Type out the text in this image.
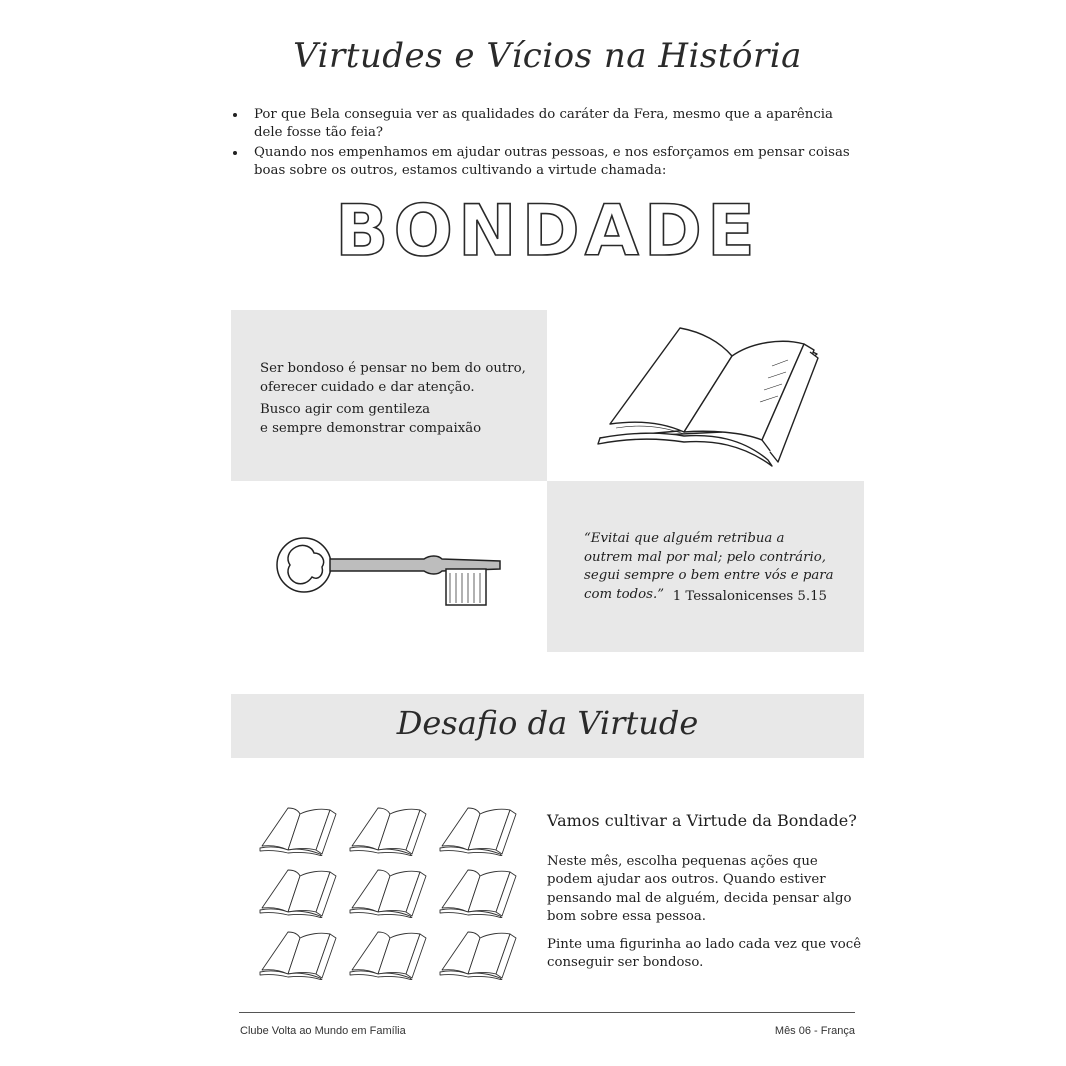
Virtudes e Vícios na História
Por que Bela conseguia ver as qualidades do caráter da Fera, mesmo que a aparência dele fosse tão feia?
Quando nos empenhamos em ajudar outras pessoas, e nos esforçamos em pensar coisas boas sobre os outros, estamos cultivando a virtude chamada:
BONDADE
Ser bondoso é pensar no bem do outro,

oferecer cuidado e dar atenção.

Busco agir com gentileza
e sempre demonstrar compaixão
“Evitai que alguém retribua a outrem mal por mal; pelo contrário, segui sempre o bem entre vós e para com todos.” 1 Tessalonicenses 5.15
Desafio da Virtude

Vamos cultivar a Virtude da Bondade?

Neste mês, escolha pequenas ações que podem ajudar aos outros. Quando estiver pensando mal de alguém, decida pensar algo bom sobre essa pessoa.

Pinte uma figurinha ao lado cada vez que você conseguir ser bondoso.

Clube Volta ao Mundo em Família	Mês 06 - França
